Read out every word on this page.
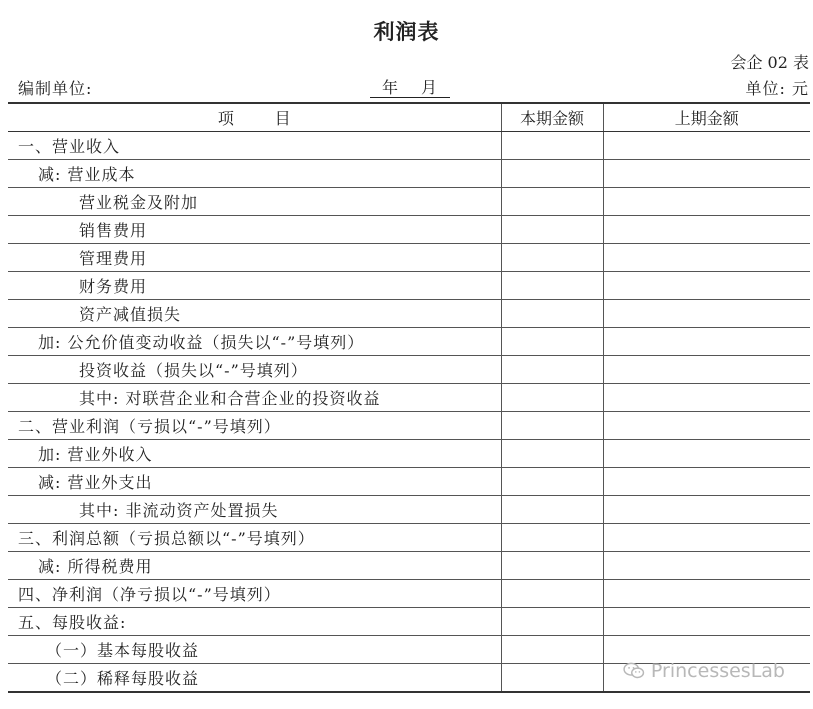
利润表
会企 02 表
编制单位:	年 月	单位: 元
项        目	本期金额	上期金额
一、营业收入		
减: 营业成本		
营业税金及附加		
销售费用		
管理费用		
财务费用		
资产减值损失		
加: 公允价值变动收益（损失以“-”号填列）		
投资收益（损失以“-”号填列）		
其中: 对联营企业和合营企业的投资收益		
二、营业利润（亏损以“-”号填列）		
加: 营业外收入		
减: 营业外支出		
其中: 非流动资产处置损失		
三、利润总额（亏损总额以“-”号填列）		
减: 所得税费用		
四、净利润（净亏损以“-”号填列）		
五、每股收益:		
（一）基本每股收益		
（二）稀释每股收益			PrincessesLab
